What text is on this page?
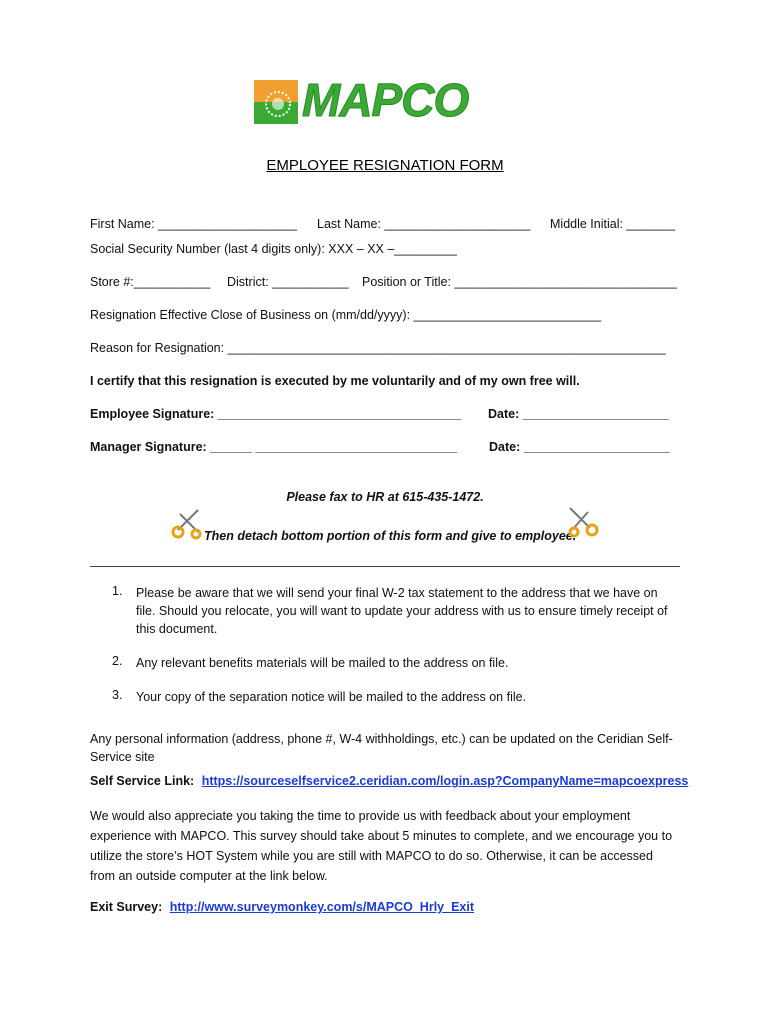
MAPCO
EMPLOYEE RESIGNATION FORM
First Name: ____________________ Last Name: _____________________ Middle Initial: _______
Social Security Number (last 4 digits only): XXX – XX –_________
Store #:___________ District: ___________ Position or Title: ________________________________
Resignation Effective Close of Business on (mm/dd/yyyy): ___________________________
Reason for Resignation: _______________________________________________________________
I certify that this resignation is executed by me voluntarily and of my own free will.
Employee Signature: ___________________________________ Date: _____________________
Manager Signature: ______ _____________________________	Date: _____________________
Please fax to HR at 615-435-1472.
Then detach bottom portion of this form and give to employee.
1. Please be aware that we will send your final W-2 tax statement to the address that we have on file. Should you relocate, you will want to update your address with us to ensure timely receipt of this document.
2. Any relevant benefits materials will be mailed to the address on file.
3. Your copy of the separation notice will be mailed to the address on file.
Any personal information (address, phone #, W-4 withholdings, etc.) can be updated on the Ceridian Self-Service site
Self Service Link: https://sourceselfservice2.ceridian.com/login.asp?CompanyName=mapcoexpress
We would also appreciate you taking the time to provide us with feedback about your employment experience with MAPCO. This survey should take about 5 minutes to complete, and we encourage you to utilize the store’s HOT System while you are still with MAPCO to do so. Otherwise, it can be accessed from an outside computer at the link below.
Exit Survey: http://www.surveymonkey.com/s/MAPCO_Hrly_Exit
